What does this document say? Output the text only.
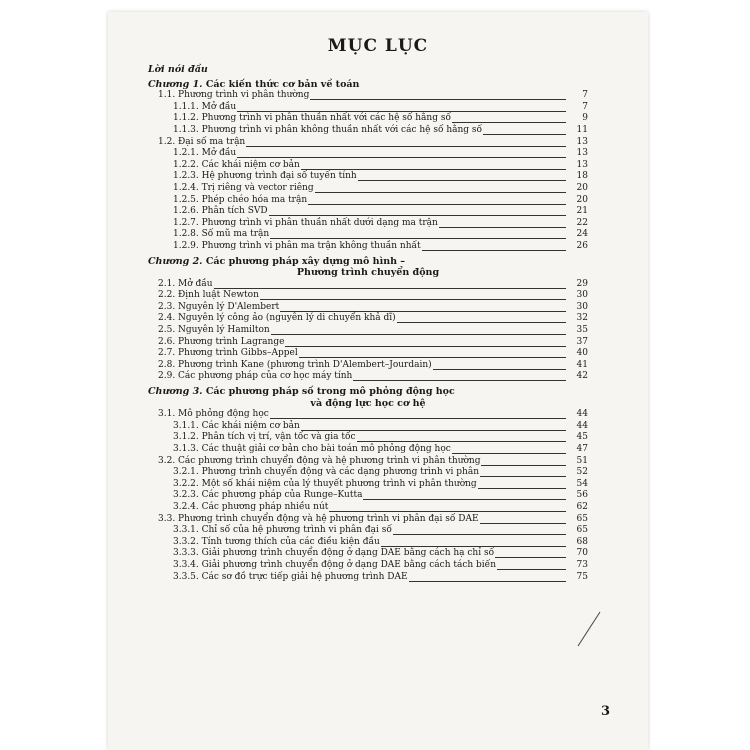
MỤC LỤC
Lời nói đầu
Chương 1. Các kiến thức cơ bản về toán
1.1. Phương trình vi phân thường	7
1.1.1. Mở đầu	7
1.1.2. Phương trình vi phân thuần nhất với các hệ số hằng số	9
1.1.3. Phương trình vi phân không thuần nhất với các hệ số hằng số	11
1.2. Đại số ma trận	13
1.2.1. Mở đầu	13
1.2.2. Các khái niệm cơ bản	13
1.2.3. Hệ phương trình đại số tuyến tính	18
1.2.4. Trị riêng và vector riêng	20
1.2.5. Phép chéo hóa ma trận	20
1.2.6. Phân tích SVD	21
1.2.7. Phương trình vi phân thuần nhất dưới dạng ma trận	22
1.2.8. Số mũ ma trận	24
1.2.9. Phương trình vi phân ma trận không thuần nhất	26
Chương 2. Các phương pháp xây dựng mô hình –
Phương trình chuyển động
2.1. Mở đầu	29
2.2. Định luật Newton	30
2.3. Nguyên lý D'Alembert	30
2.4. Nguyên lý công ảo (nguyên lý di chuyển khả dĩ)	32
2.5. Nguyên lý Hamilton	35
2.6. Phương trình Lagrange	37
2.7. Phương trình Gibbs–Appel	40
2.8. Phương trình Kane (phương trình D'Alembert–Jourdain)	41
2.9. Các phương pháp của cơ học máy tính	42
Chương 3. Các phương pháp số trong mô phỏng động học
và động lực học cơ hệ
3.1. Mô phỏng động học	44
3.1.1. Các khái niệm cơ bản	44
3.1.2. Phân tích vị trí, vận tốc và gia tốc	45
3.1.3. Các thuật giải cơ bản cho bài toán mô phỏng động học	47
3.2. Các phương trình chuyển động và hệ phương trình vi phân thường	51
3.2.1. Phương trình chuyển động và các dạng phương trình vi phân	52
3.2.2. Một số khái niệm của lý thuyết phương trình vi phân thường	54
3.2.3. Các phương pháp của Runge–Kutta	56
3.2.4. Các phương pháp nhiều nút	62
3.3. Phương trình chuyển động và hệ phương trình vi phân đại số DAE	65
3.3.1. Chỉ số của hệ phương trình vi phân đại số	65
3.3.2. Tính tương thích của các điều kiện đầu	68
3.3.3. Giải phương trình chuyển động ở dạng DAE bằng cách hạ chỉ số	70
3.3.4. Giải phương trình chuyển động ở dạng DAE bằng cách tách biến	73
3.3.5. Các sơ đồ trực tiếp giải hệ phương trình DAE	75
3
